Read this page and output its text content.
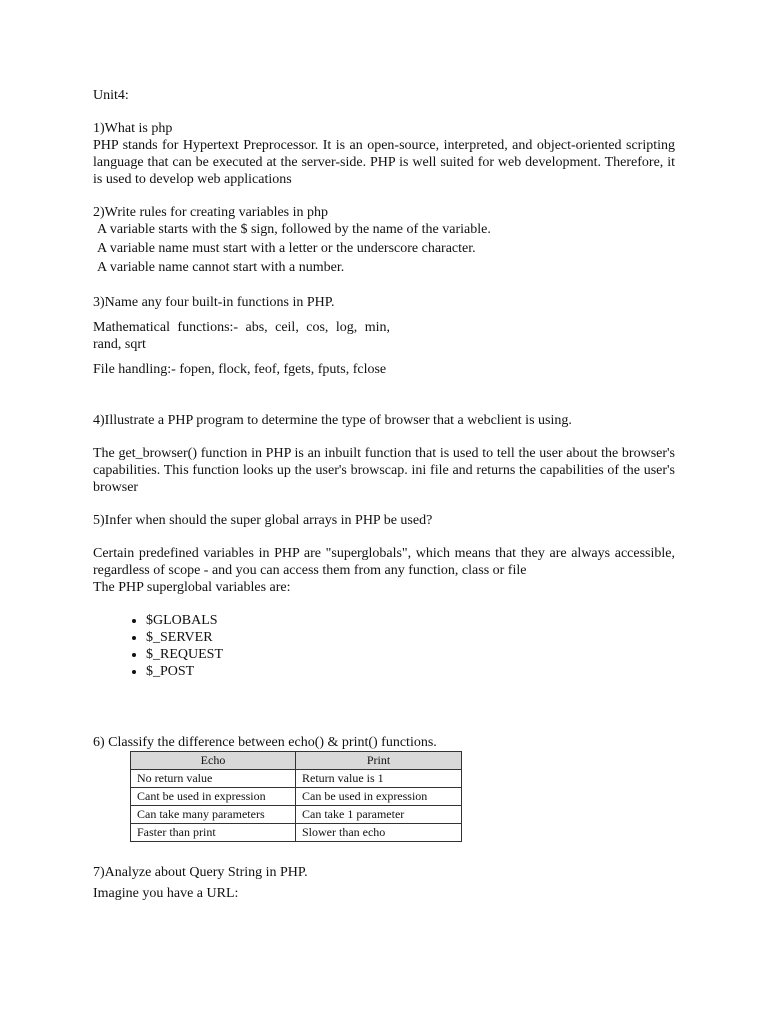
Unit4:

1)What is php

PHP stands for Hypertext Preprocessor. It is an open-source, interpreted, and object-oriented scripting language that can be executed at the server-side. PHP is well suited for web development. Therefore, it is used to develop web applications

2)Write rules for creating variables in php

A variable starts with the $ sign, followed by the name of the variable.

A variable name must start with a letter or the underscore character.

A variable name cannot start with a number.

3)Name any four built-in functions in PHP.

Mathematical functions:- abs, ceil, cos, log, min, rand, sqrt

File handling:- fopen, flock, feof, fgets, fputs, fclose

4)Illustrate a PHP program to determine the type of browser that a webclient is using.

The get_browser() function in PHP is an inbuilt function that is used to tell the user about the browser's capabilities. This function looks up the user's browscap. ini file and returns the capabilities of the user's browser

5)Infer when should the super global arrays in PHP be used?

Certain predefined variables in PHP are "superglobals", which means that they are always accessible, regardless of scope - and you can access them from any function, class or file

The PHP superglobal variables are:

• $GLOBALS
• $_SERVER
• $_REQUEST
• $_POST

6) Classify the difference between echo() & print() functions.

Echo	Print
No return value	Return value is 1
Cant be used in expression	Can be used in expression
Can take many parameters	Can take 1 parameter
Faster than print	Slower than echo

7)Analyze about Query String in PHP.

Imagine you have a URL:
